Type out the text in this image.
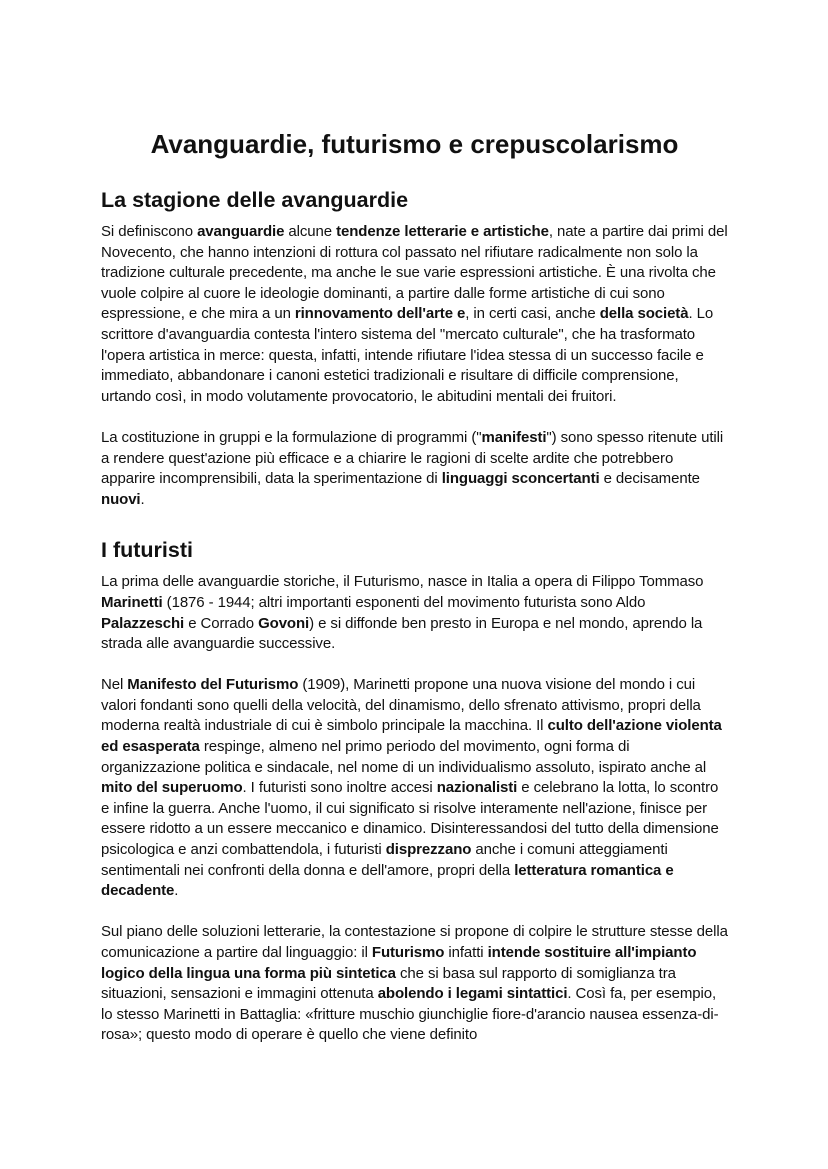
Avanguardie, futurismo e crepuscolarismo
La stagione delle avanguardie

Si definiscono avanguardie alcune tendenze letterarie e artistiche, nate a partire dai primi del Novecento, che hanno intenzioni di rottura col passato nel rifiutare radicalmente non solo la tradizione culturale precedente, ma anche le sue varie espressioni artistiche. È una rivolta che vuole colpire al cuore le ideologie dominanti, a partire dalle forme artistiche di cui sono espressione, e che mira a un rinnovamento dell'arte e, in certi casi, anche della società. Lo scrittore d'avanguardia contesta l'intero sistema del "mercato culturale", che ha trasformato l'opera artistica in merce: questa, infatti, intende rifiutare l'idea stessa di un successo facile e immediato, abbandonare i canoni estetici tradizionali e risultare di difficile comprensione, urtando così, in modo volutamente provocatorio, le abitudini mentali dei fruitori.

La costituzione in gruppi e la formulazione di programmi ("manifesti") sono spesso ritenute utili a rendere quest'azione più efficace e a chiarire le ragioni di scelte ardite che potrebbero apparire incomprensibili, data la sperimentazione di linguaggi sconcertanti e decisamente nuovi.

I futuristi

La prima delle avanguardie storiche, il Futurismo, nasce in Italia a opera di Filippo Tommaso Marinetti (1876 - 1944; altri importanti esponenti del movimento futurista sono Aldo Palazzeschi e Corrado Govoni) e si diffonde ben presto in Europa e nel mondo, aprendo la strada alle avanguardie successive.

Nel Manifesto del Futurismo (1909), Marinetti propone una nuova visione del mondo i cui valori fondanti sono quelli della velocità, del dinamismo, dello sfrenato attivismo, propri della moderna realtà industriale di cui è simbolo principale la macchina. Il culto dell'azione violenta ed esasperata respinge, almeno nel primo periodo del movimento, ogni forma di organizzazione politica e sindacale, nel nome di un individualismo assoluto, ispirato anche al mito del superuomo. I futuristi sono inoltre accesi nazionalisti e celebrano la lotta, lo scontro e infine la guerra. Anche l'uomo, il cui significato si risolve interamente nell'azione, finisce per essere ridotto a un essere meccanico e dinamico. Disinteressandosi del tutto della dimensione psicologica e anzi combattendola, i futuristi disprezzano anche i comuni atteggiamenti sentimentali nei confronti della donna e dell'amore, propri della letteratura romantica e decadente.

Sul piano delle soluzioni letterarie, la contestazione si propone di colpire le strutture stesse della comunicazione a partire dal linguaggio: il Futurismo infatti intende sostituire all'impianto logico della lingua una forma più sintetica che si basa sul rapporto di somiglianza tra situazioni, sensazioni e immagini ottenuta abolendo i legami sintattici. Così fa, per esempio, lo stesso Marinetti in Battaglia: «fritture muschio giunchiglie fiore-d'arancio nausea essenza-di-rosa»; questo modo di operare è quello che viene definito
